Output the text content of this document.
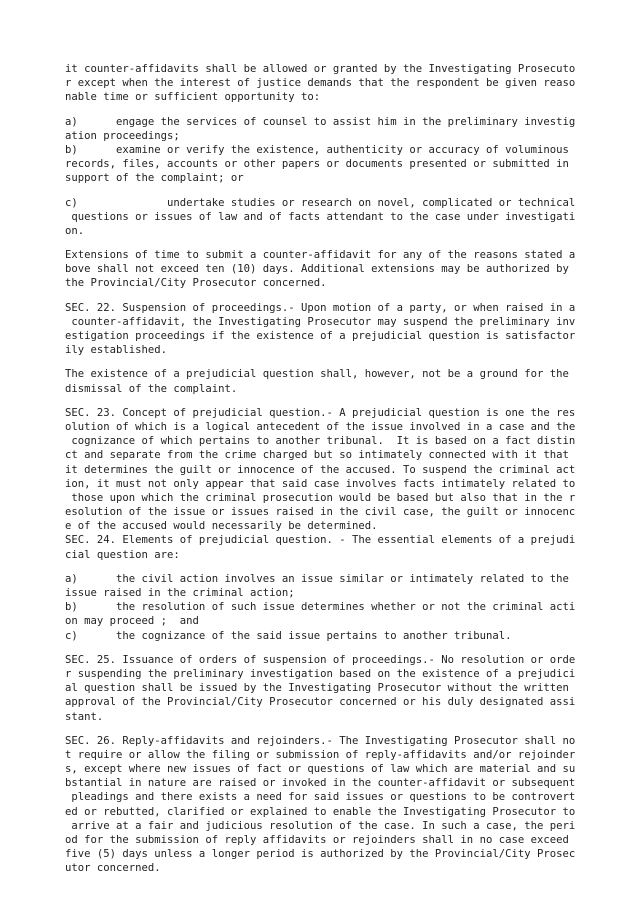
it counter-affidavits shall be allowed or granted by the Investigating Prosecuto
r except when the interest of justice demands that the respondent be given reaso
nable time or sufficient opportunity to:
a)      engage the services of counsel to assist him in the preliminary investig
ation proceedings;
b)      examine or verify the existence, authenticity or accuracy of voluminous
records, files, accounts or other papers or documents presented or submitted in
support of the complaint; or
c)              undertake studies or research on novel, complicated or technical
questions or issues of law and of facts attendant to the case under investigati
on.
Extensions of time to submit a counter-affidavit for any of the reasons stated a
bove shall not exceed ten (10) days. Additional extensions may be authorized by
the Provincial/City Prosecutor concerned.
SEC. 22. Suspension of proceedings.- Upon motion of a party, or when raised in a
counter-affidavit, the Investigating Prosecutor may suspend the preliminary inv
estigation proceedings if the existence of a prejudicial question is satisfactor
ily established.
The existence of a prejudicial question shall, however, not be a ground for the
dismissal of the complaint.
SEC. 23. Concept of prejudicial question.- A prejudicial question is one the res
olution of which is a logical antecedent of the issue involved in a case and the
cognizance of which pertains to another tribunal.  It is based on a fact distin
ct and separate from the crime charged but so intimately connected with it that
it determines the guilt or innocence of the accused. To suspend the criminal act
ion, it must not only appear that said case involves facts intimately related to
those upon which the criminal prosecution would be based but also that in the r
esolution of the issue or issues raised in the civil case, the guilt or innocenc
e of the accused would necessarily be determined.
SEC. 24. Elements of prejudicial question. - The essential elements of a prejudi
cial question are:
a)      the civil action involves an issue similar or intimately related to the
issue raised in the criminal action;
b)      the resolution of such issue determines whether or not the criminal acti
on may proceed ;  and
c)      the cognizance of the said issue pertains to another tribunal.
SEC. 25. Issuance of orders of suspension of proceedings.- No resolution or orde
r suspending the preliminary investigation based on the existence of a prejudici
al question shall be issued by the Investigating Prosecutor without the written
approval of the Provincial/City Prosecutor concerned or his duly designated assi
stant.
SEC. 26. Reply-affidavits and rejoinders.- The Investigating Prosecutor shall no
t require or allow the filing or submission of reply-affidavits and/or rejoinder
s, except where new issues of fact or questions of law which are material and su
bstantial in nature are raised or invoked in the counter-affidavit or subsequent
pleadings and there exists a need for said issues or questions to be controvert
ed or rebutted, clarified or explained to enable the Investigating Prosecutor to
arrive at a fair and judicious resolution of the case. In such a case, the peri
od for the submission of reply affidavits or rejoinders shall in no case exceed
five (5) days unless a longer period is authorized by the Provincial/City Prosec
utor concerned.
